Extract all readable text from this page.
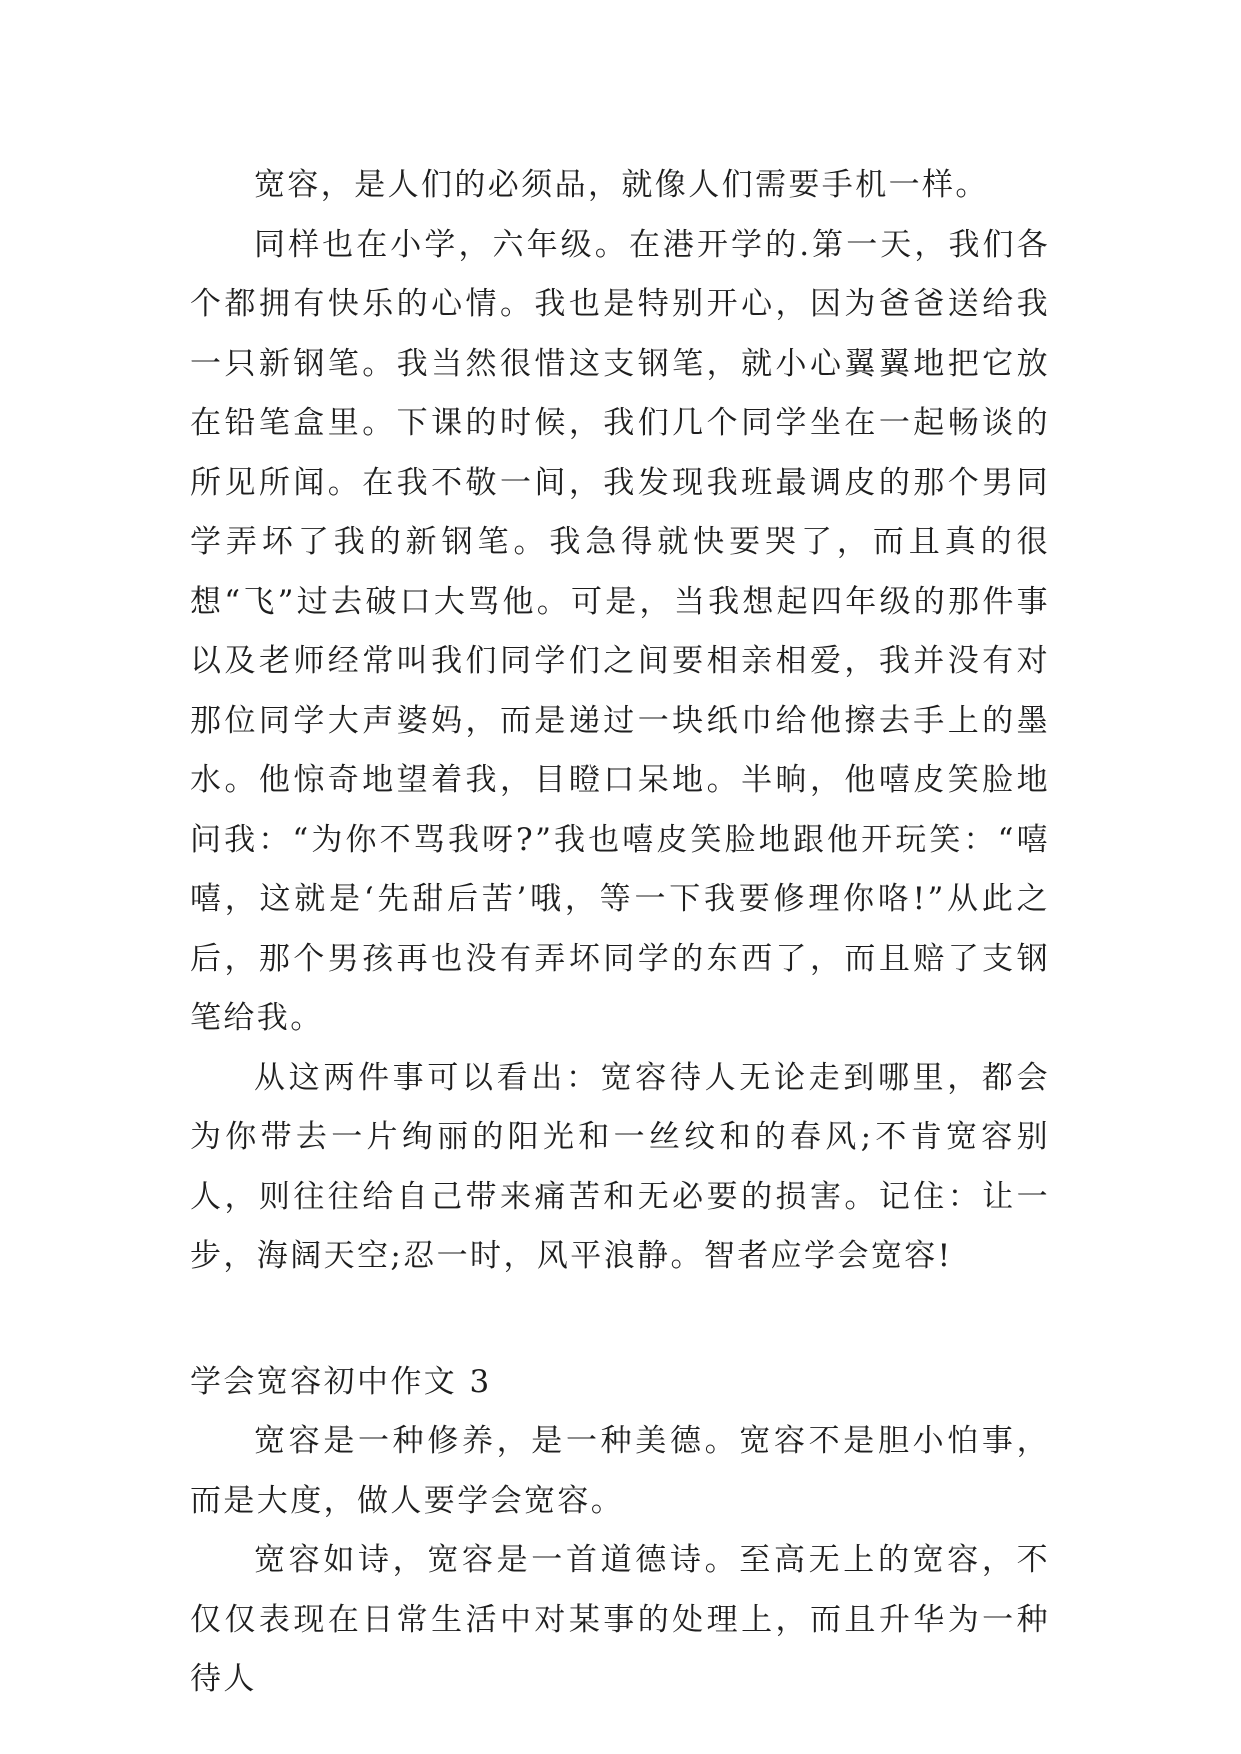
宽容，是人们的必须品，就像人们需要手机一样。

同样也在小学，六年级。在港开学的.第一天，我们各个都拥有快乐的心情。我也是特别开心，因为爸爸送给我一只新钢笔。我当然很惜这支钢笔，就小心翼翼地把它放在铅笔盒里。下课的时候，我们几个同学坐在一起畅谈的所见所闻。在我不敬一间，我发现我班最调皮的那个男同学弄坏了我的新钢笔。我急得就快要哭了，而且真的很想“飞”过去破口大骂他。可是，当我想起四年级的那件事以及老师经常叫我们同学们之间要相亲相爱，我并没有对那位同学大声婆妈，而是递过一块纸巾给他擦去手上的墨水。他惊奇地望着我，目瞪口呆地。半晌，他嘻皮笑脸地问我：“为你不骂我呀?”我也嘻皮笑脸地跟他开玩笑：“嘻嘻，这就是‘先甜后苦’哦，等一下我要修理你咯!”从此之后，那个男孩再也没有弄坏同学的东西了，而且赔了支钢笔给我。

从这两件事可以看出：宽容待人无论走到哪里，都会为你带去一片绚丽的阳光和一丝纹和的春风;不肯宽容别人，则往往给自己带来痛苦和无必要的损害。记住：让一步，海阔天空;忍一时，风平浪静。智者应学会宽容!

学会宽容初中作文 3

宽容是一种修养，是一种美德。宽容不是胆小怕事，而是大度，做人要学会宽容。

宽容如诗，宽容是一首道德诗。至高无上的宽容，不仅仅表现在日常生活中对某事的处理上，而且升华为一种待人
